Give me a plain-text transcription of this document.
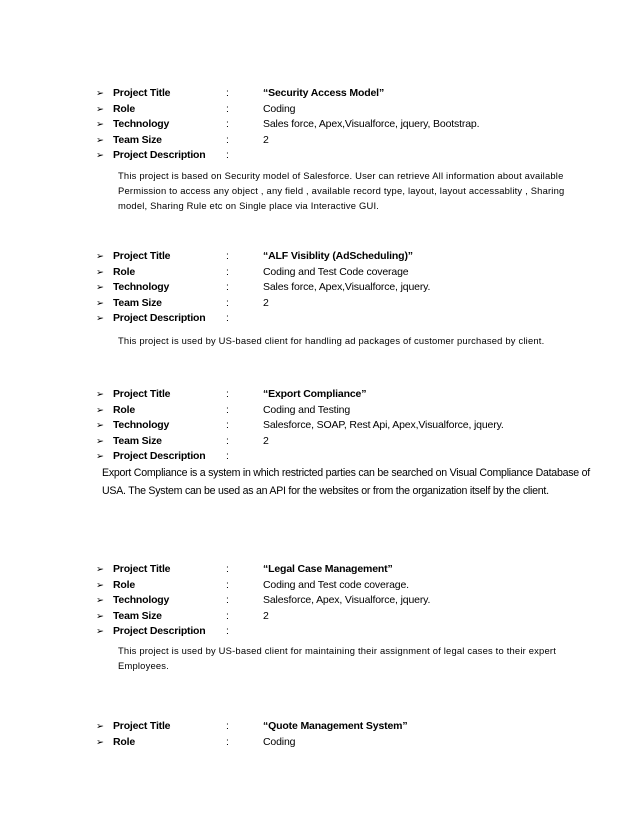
➢ Project Title	:	“Security Access Model”
➢ Role	:	Coding
➢ Technology	:	Sales force, Apex,Visualforce, jquery, Bootstrap.
➢ Team Size	:	2
➢ Project Description :
This project is based on Security model of Salesforce. User can retrieve All information about available Permission to access any object , any field , available record type, layout, layout accessablity , Sharing model, Sharing Rule etc on Single place via Interactive GUI.
➢ Project Title	:	“ALF Visiblity (AdScheduling)”
➢ Role	:	Coding and Test Code coverage
➢ Technology	:	Sales force, Apex,Visualforce, jquery.
➢ Team Size	:	2
➢ Project Description :
This project is used by US-based client for handling ad packages of customer purchased by client.
➢ Project Title	:	“Export Compliance”
➢ Role	:	Coding and Testing
➢ Technology	:	Salesforce, SOAP, Rest Api, Apex,Visualforce, jquery.
➢ Team Size	:	2
➢ Project Description :
Export Compliance is a system in which restricted parties can be searched on Visual Compliance Database of USA. The System can be used as an API for the websites or from the organization itself by the client.
➢ Project Title	:	“Legal Case Management”
➢ Role	:	Coding and Test code coverage.
➢ Technology	:	Salesforce, Apex, Visualforce, jquery.
➢ Team Size	:	2
➢ Project Description :
This project is used by US-based client for maintaining their assignment of legal cases to their expert Employees.
➢ Project Title	:	“Quote Management System”
➢ Role	:	Coding
